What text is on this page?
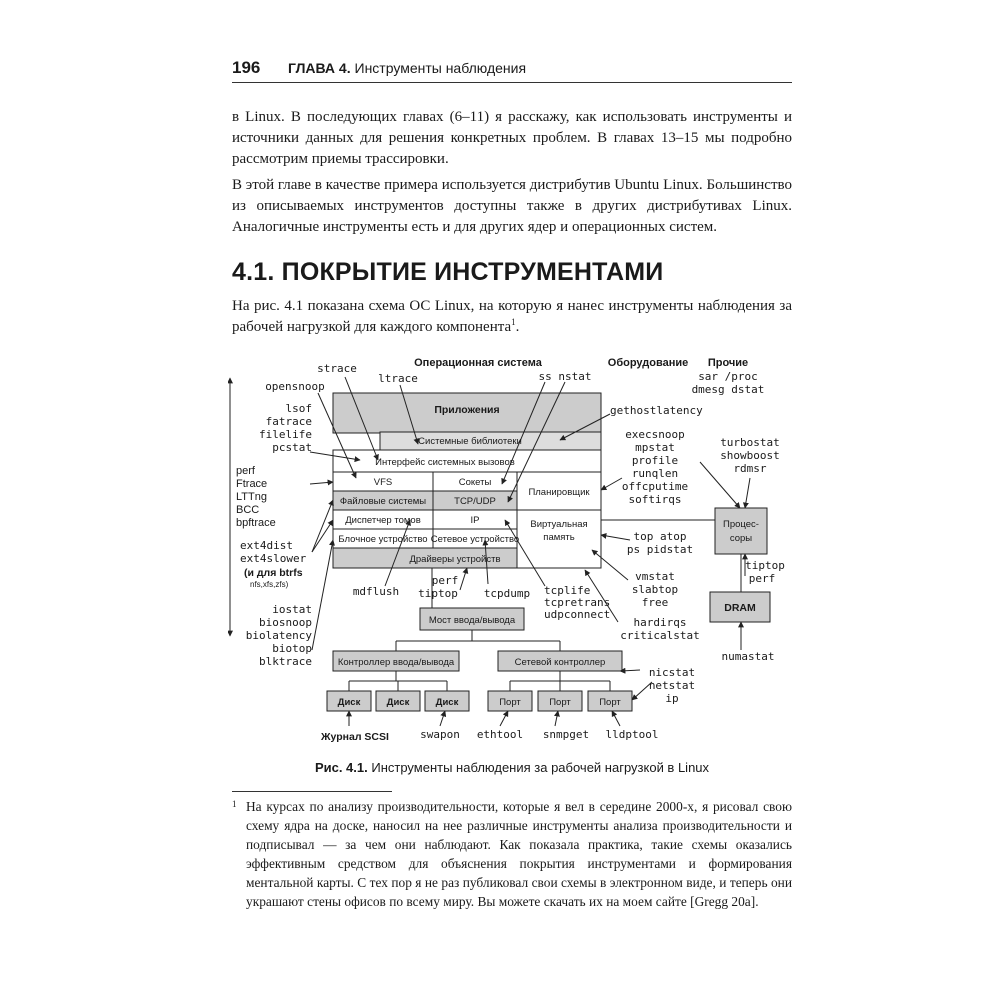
196 ГЛАВА 4. Инструменты наблюдения

в Linux. В последующих главах (6–11) я расскажу, как использовать инструменты и источники данных для решения конкретных проблем. В главах 13–15 мы подробно рассмотрим приемы трассировки.

В этой главе в качестве примера используется дистрибутив Ubuntu Linux. Большинство из описываемых инструментов доступны также в других дистрибутивах Linux. Аналогичные инструменты есть и для других ядер и операционных систем.

4.1. ПОКРЫТИЕ ИНСТРУМЕНТАМИ

На рис. 4.1 показана схема ОС Linux, на которую я нанес инструменты наблюдения за рабочей нагрузкой для каждого компонента$^1$.

Операционная система	Оборудование Прочие
Приложения
Системные библиотеки
Интерфейс системных вызовов
VFS	Сокеты
Файловые системы	TCP/UDP
Диспетчер томов	IP
Блочное устройство Сетевое устройство
Драйверы устройств
Планировщик
Виртуальная
память
Мост ввода/вывода
Контроллер ввода/вывода	Сетевой контроллер
Диск	Диск	Диск	Порт	Порт	Порт
Процес-
соры
DRAM
strace
ltrace	ss nstat
opensnoop
lsof
fatrace
filelife
pcstat
perf
Ftrace
LTTng
BCC
bpftrace
ext4dist
ext4slower
(и для btrfs
nfs,xfs,zfs)
iostat
biosnoop
biolatency
biotop
blktrace
mdflush
perf
tiptop tcpdump tcplife
tcpretrans
udpconnect
gethostlatency
execsnoop
mpstat
profile
runqlen
offcputime
softirqs
top atop
ps pidstat
vmstat
slabtop
free
hardirqs
criticalstat
sar /proc
dmesg dstat
turbostat
showboost
rdmsr
tiptop
perf
numastat
nicstat
netstat
ip
Журнал SCSI	swapon ethtool snmpget lldptool
Рис. 4.1. Инструменты наблюдения за рабочей нагрузкой в Linux
1 На курсах по анализу производительности, которые я вел в середине 2000-х, я рисовал свою схему ядра на доске, наносил на нее различные инструменты анализа производительности и подписывал — за чем они наблюдают. Как показала практика, такие схемы оказались эффективным средством для объяснения покрытия инструментами и формирования ментальной карты. С тех пор я не раз публиковал свои схемы в электронном виде, и теперь они украшают стены офисов по всему миру. Вы можете скачать их на моем сайте [Gregg 20a].
